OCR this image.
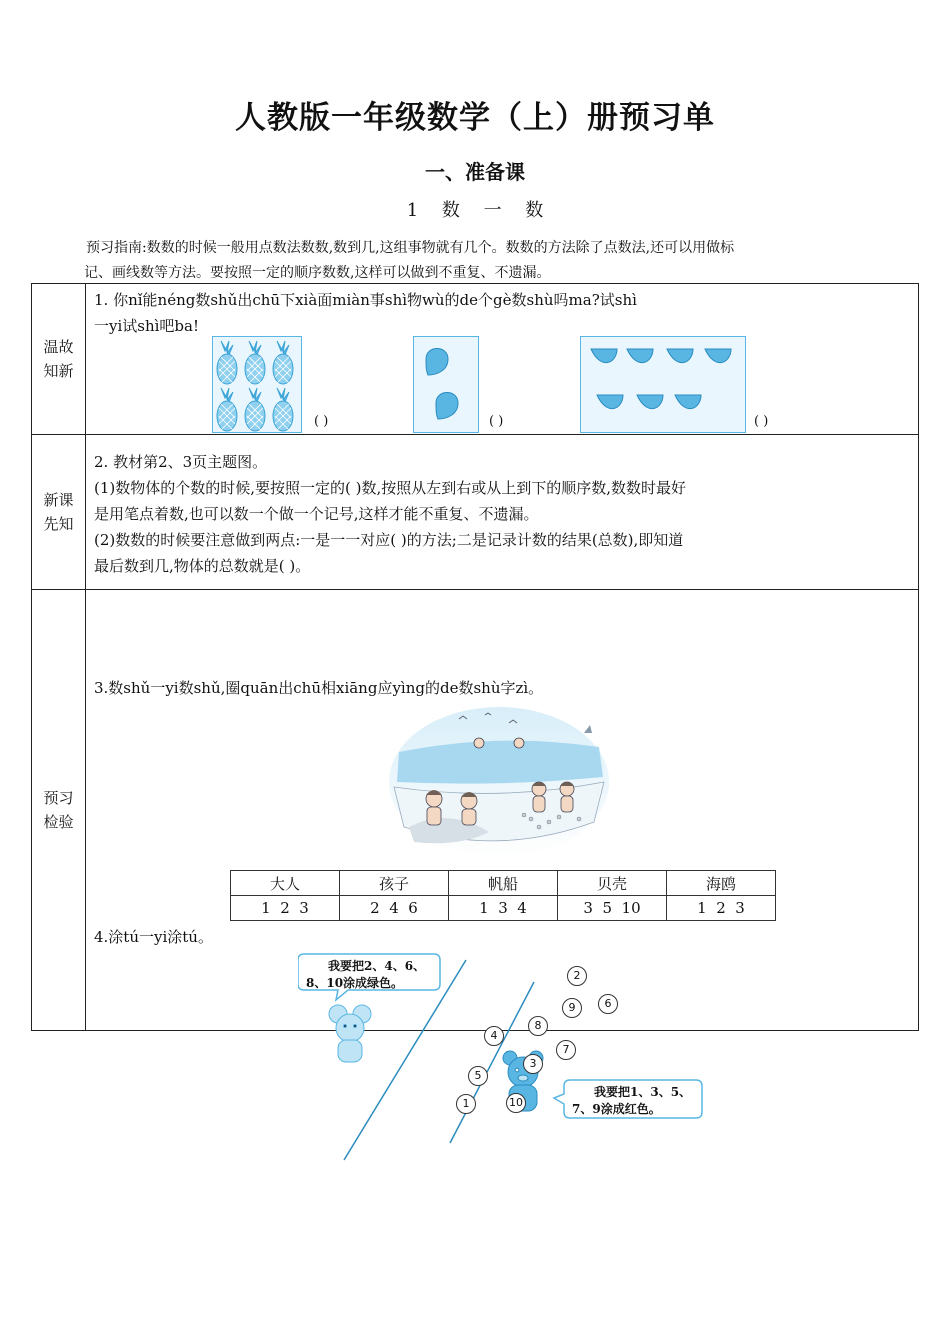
人教版一年级数学（上）册预习单
一、准备课
1 数 一 数
预习指南:数数的时候一般用点数法数数,数到几,这组事物就有几个。数数的方法除了点数法,还可以用做标
记、画线数等方法。要按照一定的顺序数数,这样可以做到不重复、不遗漏。
温故
知新

1. 你nǐ能néng数shǔ出chū下xià面miàn事shì物wù的de个gè数shù吗ma?试shì
一yi试shì吧ba!
( )	( )	( )

新课
先知

2. 教材第2、3页主题图。
(1)数物体的个数的时候,要按照一定的( )数,按照从左到右或从上到下的顺序数,数数时最好
是用笔点着数,也可以数一个做一个记号,这样才能不重复、不遗漏。
(2)数数的时候要注意做到两点:一是一一对应( )的方法;二是记录计数的结果(总数),即知道
最后数到几,物体的总数就是( )。

预习
检验

3.数shǔ一yi数shǔ,圈quān出chū相xiāng应yìng的de数shù字zì。
大人	孩子	帆船	贝壳	海鸥
1  2  3	2  4  6	1  3  4	3  5  10	1  2  3
4.涂tú一yi涂tú。
我要把2、4、6、
8、10涂成绿色。
我要把1、3、5、
7、9涂成红色。
2
9	6
4
8
7
3
5
1	10
